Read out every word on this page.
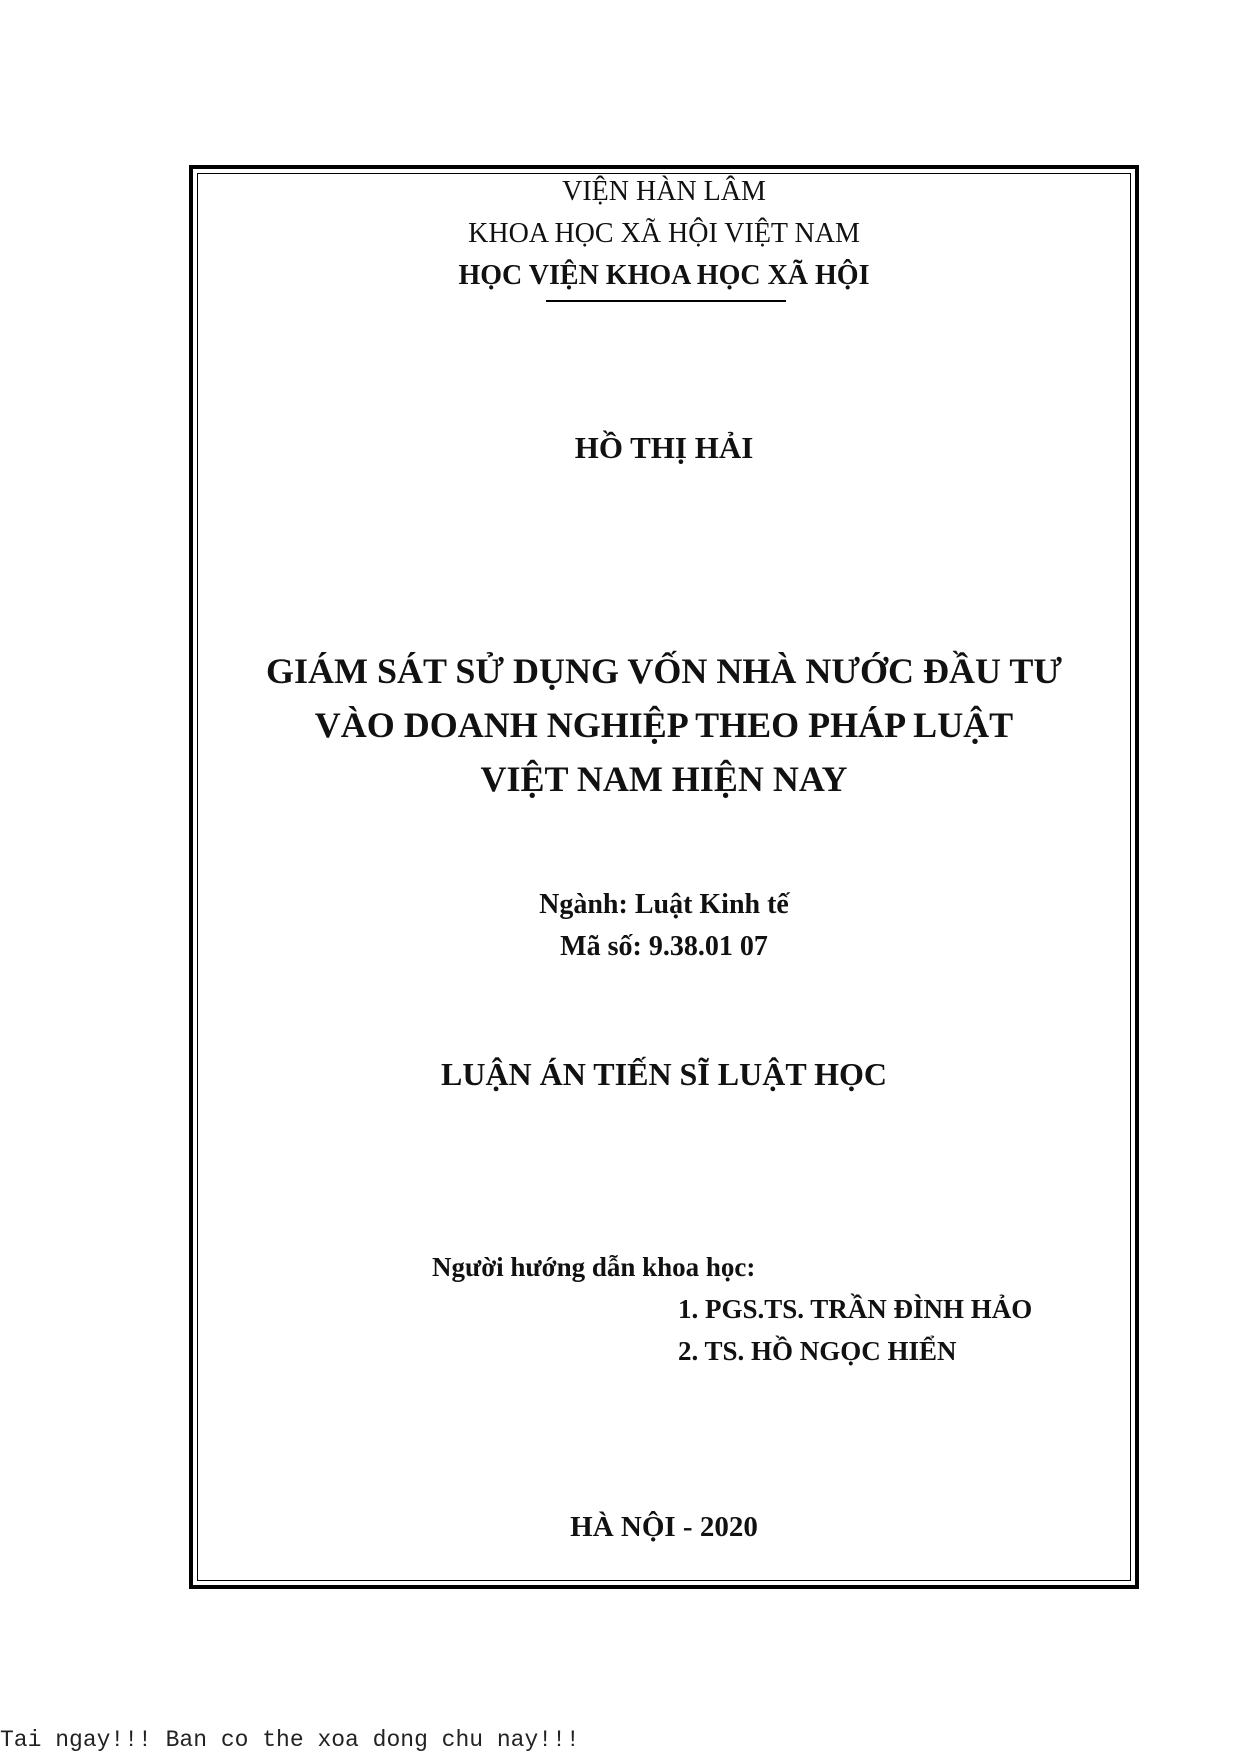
VIỆN HÀN LÂM
KHOA HỌC XÃ HỘI VIỆT NAM
HỌC VIỆN KHOA HỌC XÃ HỘI
HỒ THỊ HẢI
GIÁM SÁT SỬ DỤNG VỐN NHÀ NƯỚC ĐẦU TƯ
VÀO DOANH NGHIỆP THEO PHÁP LUẬT
VIỆT NAM HIỆN NAY
Ngành: Luật Kinh tế
Mã số: 9.38.01 07
LUẬN ÁN TIẾN SĨ LUẬT HỌC
Người hướng dẫn khoa học:
1. PGS.TS. TRẦN ĐÌNH HẢO
2. TS. HỒ NGỌC HIỂN
HÀ NỘI - 2020
Tai ngay!!! Ban co the xoa dong chu nay!!!
